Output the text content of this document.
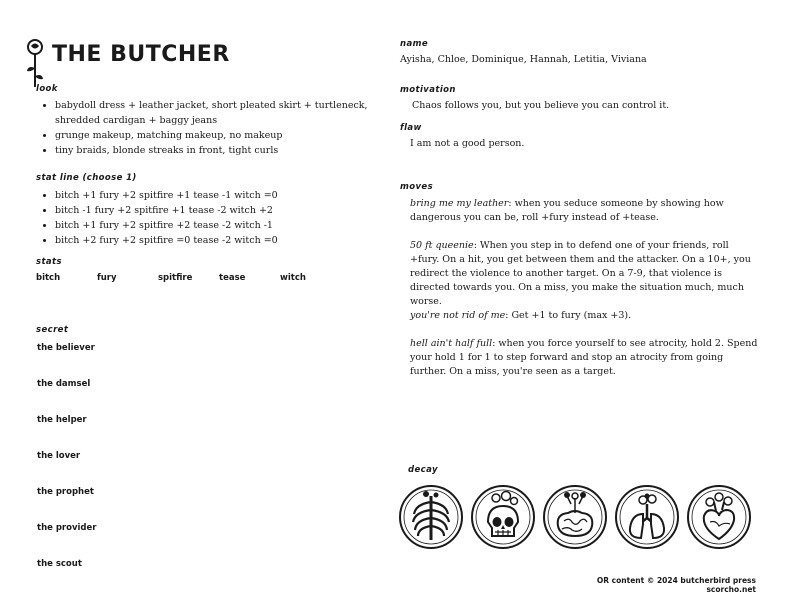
THE BUTCHER
look
• babydoll dress + leather jacket, short pleated skirt + turtleneck, shredded cardigan + baggy jeans
• grunge makeup, matching makeup, no makeup
• tiny braids, blonde streaks in front, tight curls
stat line (choose 1)
• bitch +1 fury +2 spitfire +1 tease -1 witch =0
• bitch -1 fury +2 spitfire +1 tease -2 witch +2
• bitch +1 fury +2 spitfire +2 tease -2 witch -1
• bitch +2 fury +2 spitfire =0 tease -2 witch =0
stats
bitch	fury	spitfire	tease	witch
secret
the believer
the damsel
the helper
the lover
the prophet
the provider
the scout
name
Ayisha, Chloe, Dominique, Hannah, Letitia, Viviana
motivation
Chaos follows you, but you believe you can control it.
flaw
I am not a good person.
moves
bring me my leather: when you seduce someone by showing how dangerous you can be, roll +fury instead of +tease.
50 ft queenie: When you step in to defend one of your friends, roll +fury. On a hit, you get between them and the attacker. On a 10+, you redirect the violence to another target. On a 7-9, that violence is directed towards you. On a miss, you make the situation much, much worse.
you're not rid of me: Get +1 to fury (max +3).
hell ain't half full: when you force yourself to see atrocity, hold 2. Spend your hold 1 for 1 to step forward and stop an atrocity from going further. On a miss, you're seen as a target.
decay
OR content © 2024 butcherbird press
scorcho.net
